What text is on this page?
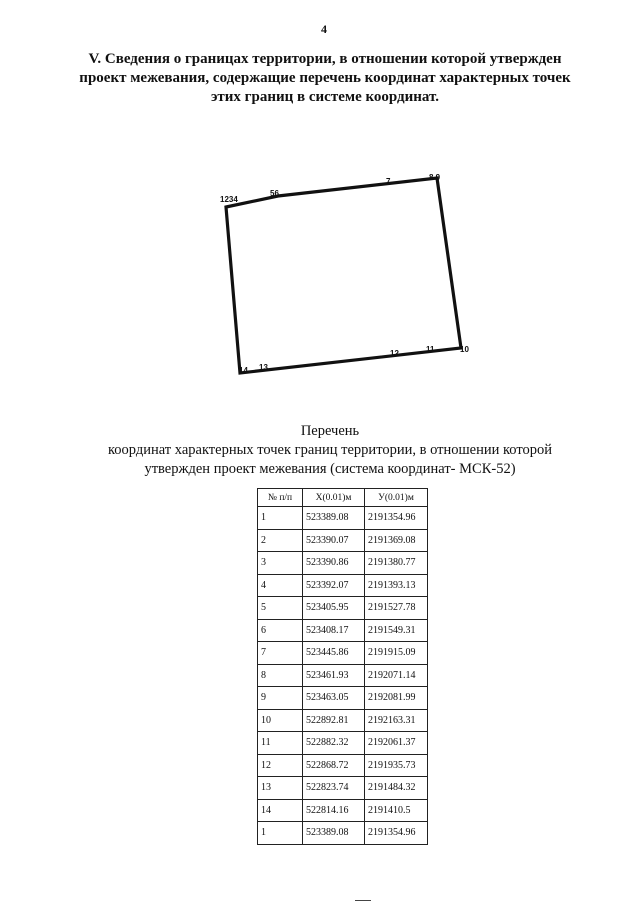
4
V. Сведения о границах территории, в отношении которой утвержден
проект межевания, содержащие перечень координат характерных точек
этих границ в системе координат.
1234
56
7	8 9
10
11
12
13
14
Перечень
координат характерных точек границ территории, в отношении которой
утвержден проект межевания (система координат- МСК-52)
№ п/п	X(0.01)м	У(0.01)м
1	523389.08	2191354.96
2	523390.07	2191369.08
3	523390.86	2191380.77
4	523392.07	2191393.13
5	523405.95	2191527.78
6	523408.17	2191549.31
7	523445.86	2191915.09
8	523461.93	2192071.14
9	523463.05	2192081.99
10	522892.81	2192163.31
11	522882.32	2192061.37
12	522868.72	2191935.73
13	522823.74	2191484.32
14	522814.16	2191410.5
1	523389.08	2191354.96
